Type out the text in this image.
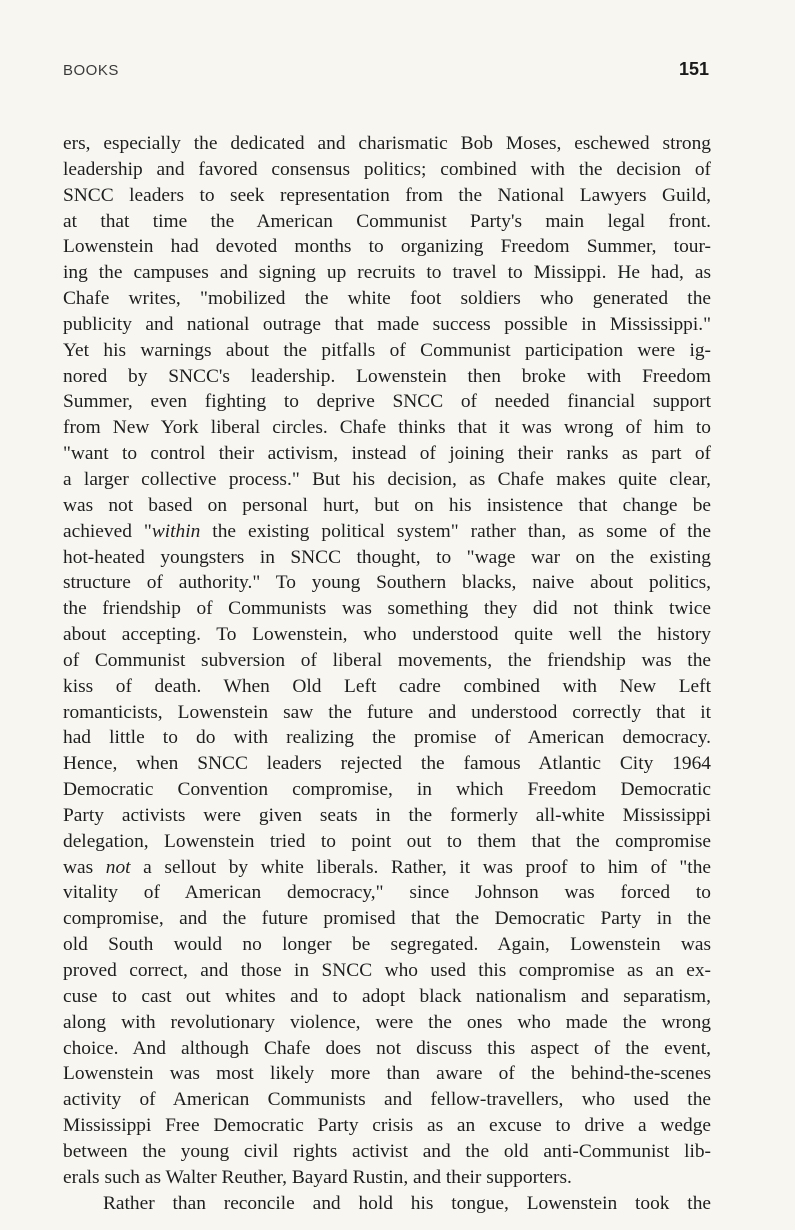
BOOKS	151
ers, especially the dedicated and charismatic Bob Moses, eschewed strong
leadership and favored consensus politics; combined with the decision of
SNCC leaders to seek representation from the National Lawyers Guild,
at that time the American Communist Party's main legal front.
Lowenstein had devoted months to organizing Freedom Summer, tour-
ing the campuses and signing up recruits to travel to Missippi. He had, as
Chafe writes, "mobilized the white foot soldiers who generated the
publicity and national outrage that made success possible in Mississippi."
Yet his warnings about the pitfalls of Communist participation were ig-
nored by SNCC's leadership. Lowenstein then broke with Freedom
Summer, even fighting to deprive SNCC of needed financial support
from New York liberal circles. Chafe thinks that it was wrong of him to
"want to control their activism, instead of joining their ranks as part of
a larger collective process." But his decision, as Chafe makes quite clear,
was not based on personal hurt, but on his insistence that change be
achieved "within the existing political system" rather than, as some of the
hot-heated youngsters in SNCC thought, to "wage war on the existing
structure of authority." To young Southern blacks, naive about politics,
the friendship of Communists was something they did not think twice
about accepting. To Lowenstein, who understood quite well the history
of Communist subversion of liberal movements, the friendship was the
kiss of death. When Old Left cadre combined with New Left
romanticists, Lowenstein saw the future and understood correctly that it
had little to do with realizing the promise of American democracy.
Hence, when SNCC leaders rejected the famous Atlantic City 1964
Democratic Convention compromise, in which Freedom Democratic
Party activists were given seats in the formerly all-white Mississippi
delegation, Lowenstein tried to point out to them that the compromise
was not a sellout by white liberals. Rather, it was proof to him of "the
vitality of American democracy," since Johnson was forced to
compromise, and the future promised that the Democratic Party in the
old South would no longer be segregated. Again, Lowenstein was
proved correct, and those in SNCC who used this compromise as an ex-
cuse to cast out whites and to adopt black nationalism and separatism,
along with revolutionary violence, were the ones who made the wrong
choice. And although Chafe does not discuss this aspect of the event,
Lowenstein was most likely more than aware of the behind-the-scenes
activity of American Communists and fellow-travellers, who used the
Mississippi Free Democratic Party crisis as an excuse to drive a wedge
between the young civil rights activist and the old anti-Communist lib-
erals such as Walter Reuther, Bayard Rustin, and their supporters.
Rather than reconcile and hold his tongue, Lowenstein took the
